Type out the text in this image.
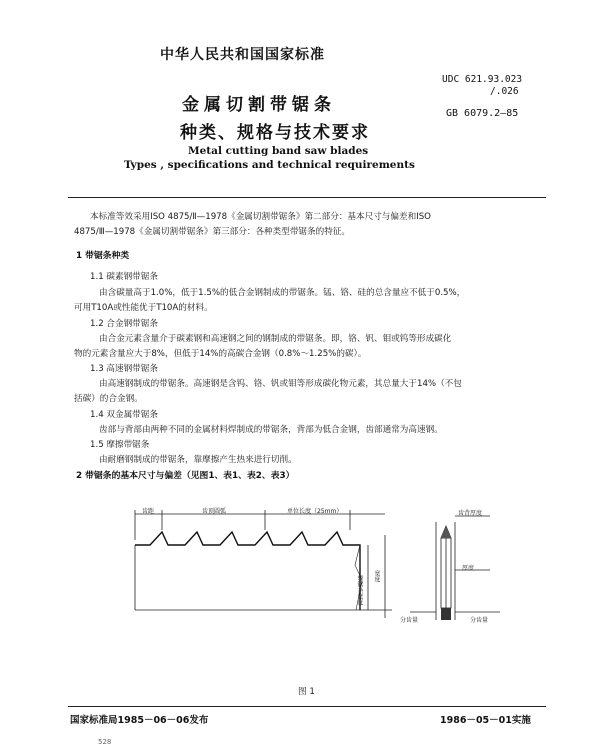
中华人民共和国国家标准
UDC 621.93.023
/.026
GB 6079.2—85
金属切割带锯条
种类、规格与技术要求
Metal cutting band saw blades
Types , specifications and technical requirements
本标准等效采用ISO 4875/Ⅱ—1978《金属切割带锯条》第二部分：基本尺寸与偏差和ISO
4875/Ⅲ—1978《金属切割带锯条》第三部分：各种类型带锯条的特征。
1 带锯条种类
1.1 碳素钢带锯条
由含碳量高于1.0%，低于1.5%的低合金钢制成的带锯条。锰、铬、硅的总含量应不低于0.5%，
可用T10A或性能优于T10A的材料。
1.2 合金钢带锯条
由合金元素含量介于碳素钢和高速钢之间的钢制成的带锯条。即，铬、钒、钼或钨等形成碳化
物的元素含量应大于8%，但低于14%的高碳合金钢（0.8%～1.25%的碳）。
1.3 高速钢带锯条
由高速钢制成的带锯条。高速钢是含钨、铬、钒或钼等形成碳化物元素，其总量大于14%（不包
括碳）的合金钢。
1.4 双金属带锯条
齿部与背部由两种不同的金属材料焊制成的带锯条，背部为低合金钢，齿部通常为高速钢。
1.5 摩擦带锯条
由耐磨钢制成的带锯条，靠摩擦产生热来进行切削。
2 带锯条的基本尺寸与偏差（见图1、表1、表2、表3）
齿距	齿顶圆弧	单位长度（25mm）
带锯条宽度 宽度
齿背厚度
厚度
分齿量	分齿量
图 1
国家标准局1985－06－06发布	1986－05－01实施
528
